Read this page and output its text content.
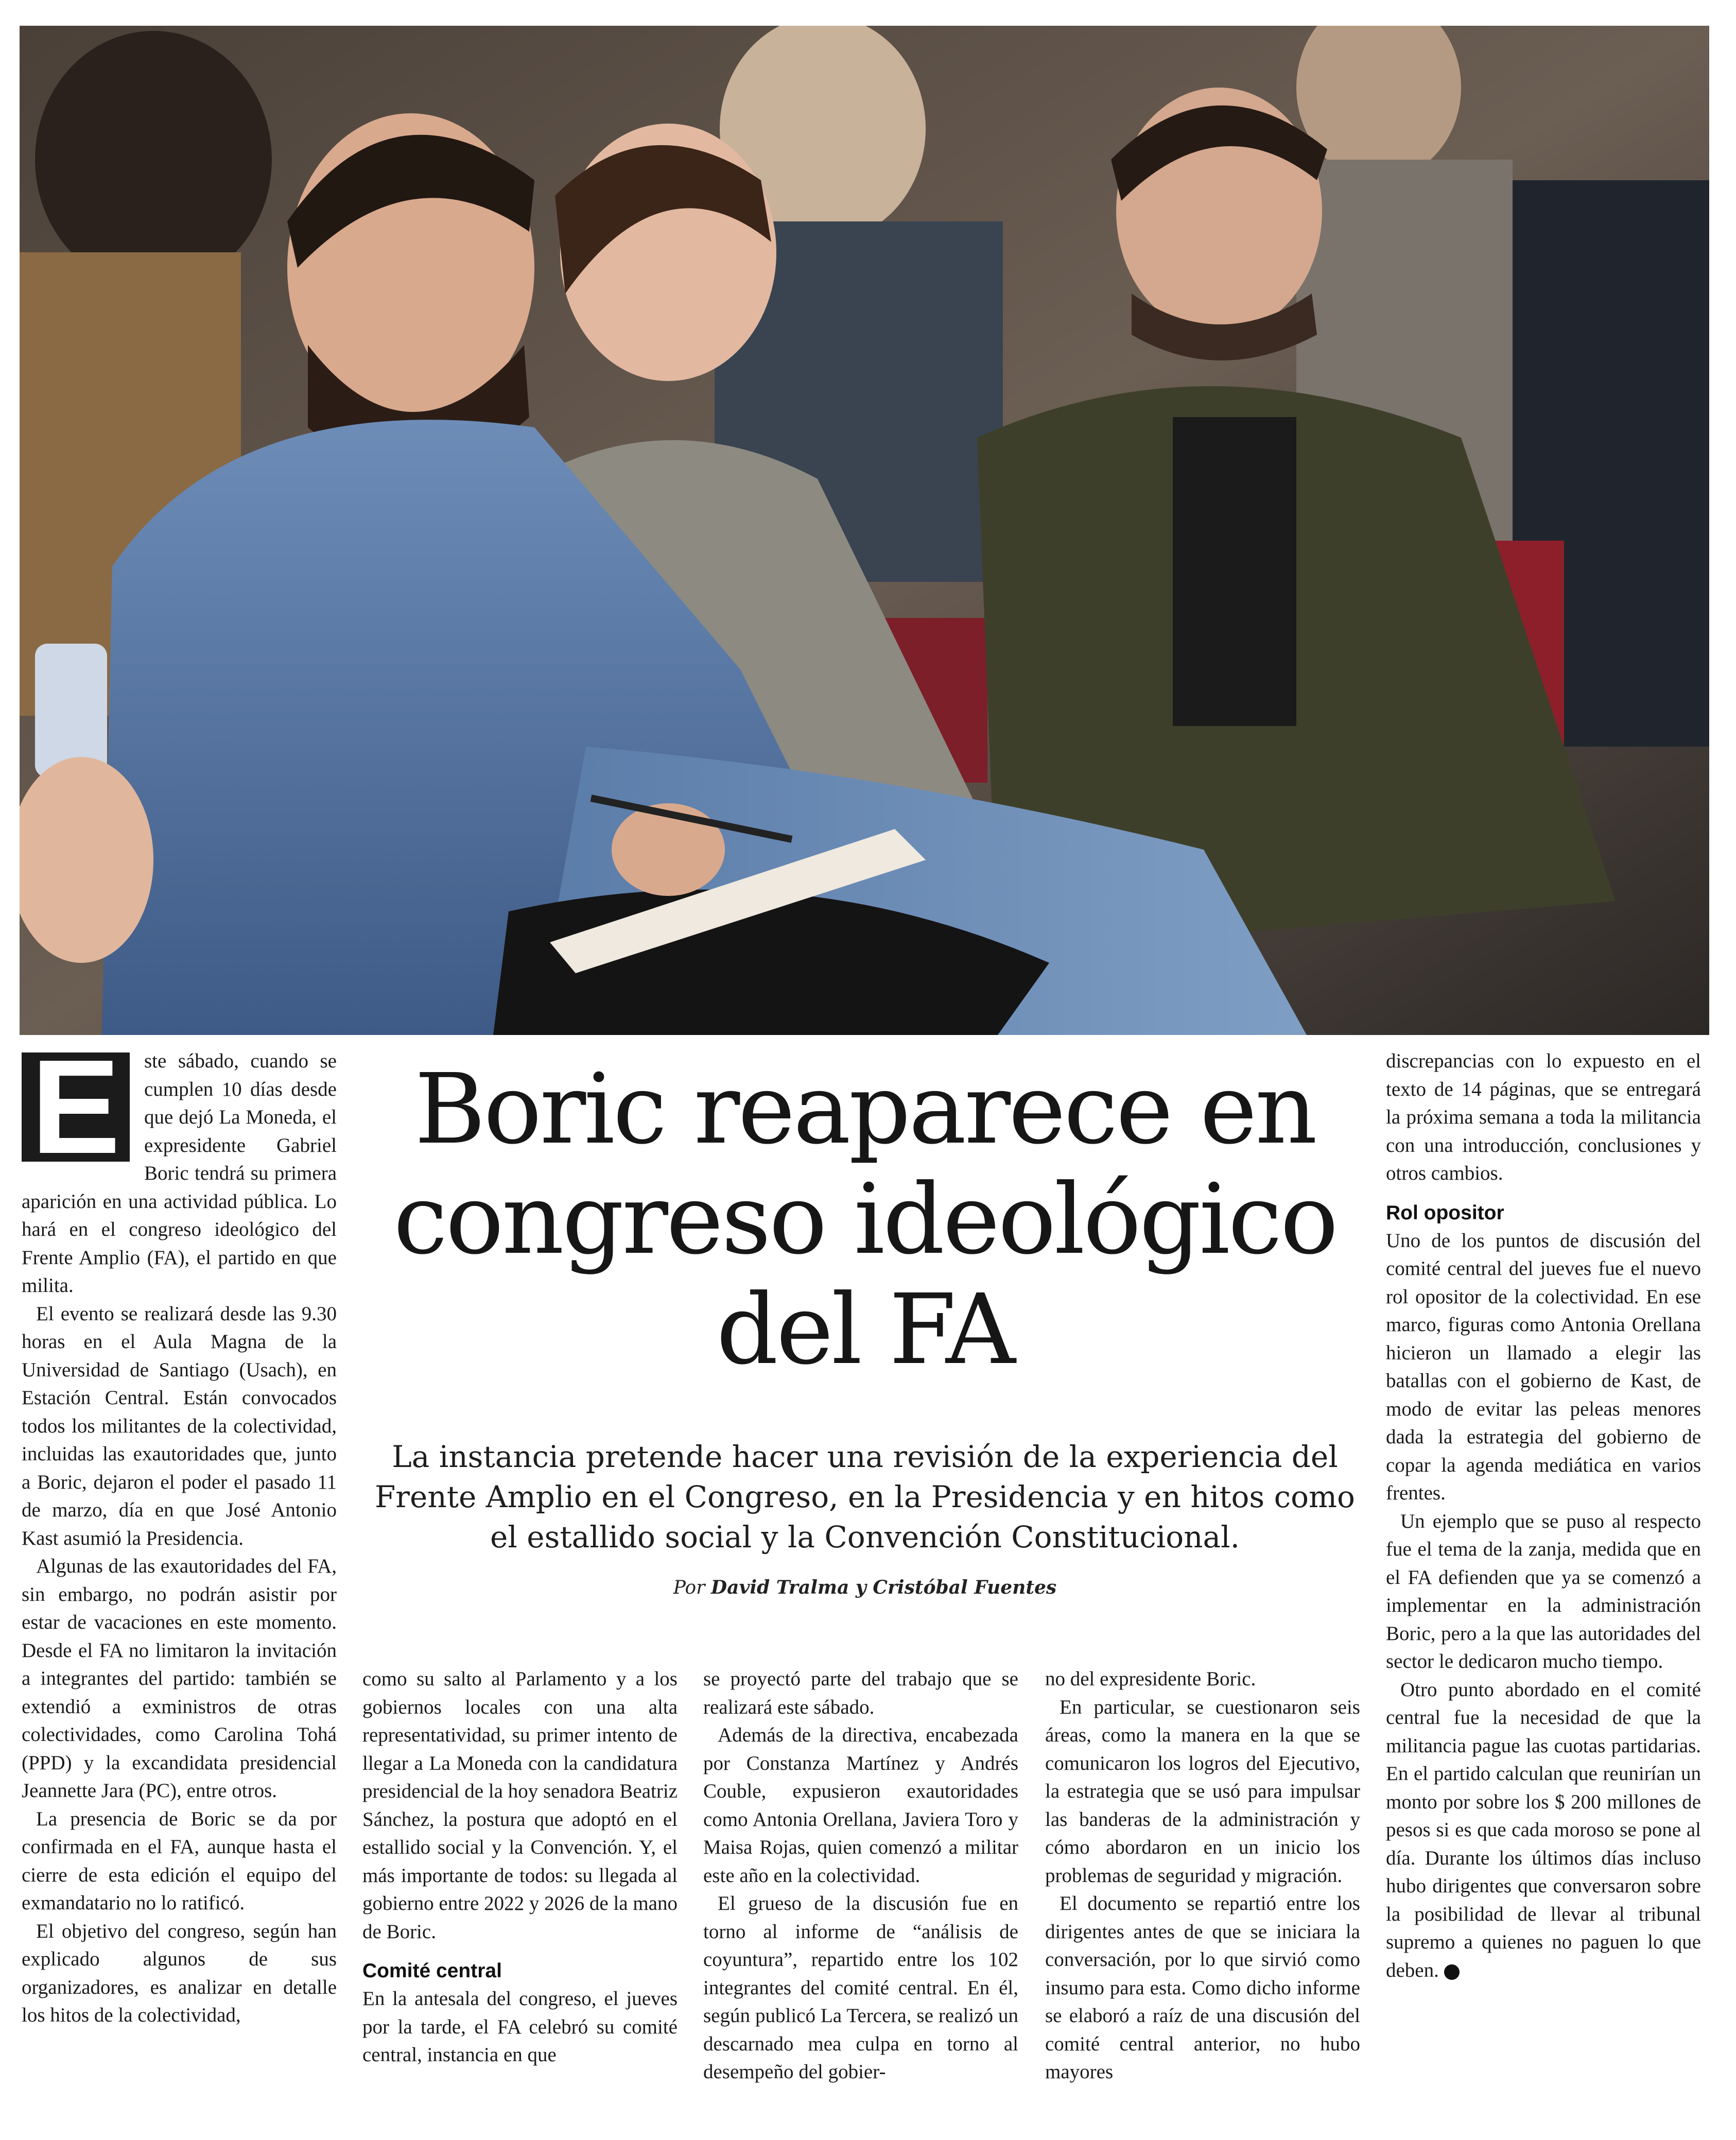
Boric reaparece en congreso ideológico del FA
La instancia pretende hacer una revisión de la experiencia del Frente Amplio en el Congreso, en la Presidencia y en hitos como el estallido social y la Convención Constitucional.
Por David Tralma y Cristóbal Fuentes
E	ste sábado, cuando se cumplen 10 días desde que dejó La Moneda, el expresidente Gabriel Boric tendrá su primera aparición en una actividad pública. Lo hará en el congreso ideológico del Frente Amplio (FA), el partido en que milita.

El evento se realizará desde las 9.30 horas en el Aula Magna de la Universidad de Santiago (Usach), en Estación Central. Están convocados todos los militantes de la colectividad, incluidas las exautoridades que, junto a Boric, dejaron el poder el pasado 11 de marzo, día en que José Antonio Kast asumió la Presidencia.

Algunas de las exautoridades del FA, sin embargo, no podrán asistir por estar de vacaciones en este momento. Desde el FA no limitaron la invitación a integrantes del partido: también se extendió a exministros de otras colectividades, como Carolina Tohá (PPD) y la excandidata presidencial Jeannette Jara (PC), entre otros.

La presencia de Boric se da por confirmada en el FA, aunque hasta el cierre de esta edición el equipo del exmandatario no lo ratificó.

El objetivo del congreso, según han explicado algunos de sus organizadores, es analizar en detalle los hitos de la colectividad,

como su salto al Parlamento y a los gobiernos locales con una alta representatividad, su primer intento de llegar a La Moneda con la candidatura presidencial de la hoy senadora Beatriz Sánchez, la postura que adoptó en el estallido social y la Convención. Y, el más importante de todos: su llegada al gobierno entre 2022 y 2026 de la mano de Boric.

Comité central

En la antesala del congreso, el jueves por la tarde, el FA celebró su comité central, instancia en que

se proyectó parte del trabajo que se realizará este sábado.

Además de la directiva, encabezada por Constanza Martínez y Andrés Couble, expusieron exautoridades como Antonia Orellana, Javiera Toro y Maisa Rojas, quien comenzó a militar este año en la colectividad.

El grueso de la discusión fue en torno al informe de “análisis de coyuntura”, repartido entre los 102 integrantes del comité central. En él, según publicó La Tercera, se realizó un descarnado mea culpa en torno al desempeño del gobier-

no del expresidente Boric.

En particular, se cuestionaron seis áreas, como la manera en la que se comunicaron los logros del Ejecutivo, la estrategia que se usó para impulsar las banderas de la administración y cómo abordaron en un inicio los problemas de seguridad y migración.

El documento se repartió entre los dirigentes antes de que se iniciara la conversación, por lo que sirvió como insumo para esta. Como dicho informe se elaboró a raíz de una discusión del comité central anterior, no hubo mayores

discrepancias con lo expuesto en el texto de 14 páginas, que se entregará la próxima semana a toda la militancia con una introducción, conclusiones y otros cambios.

Rol opositor

Uno de los puntos de discusión del comité central del jueves fue el nuevo rol opositor de la colectividad. En ese marco, figuras como Antonia Orellana hicieron un llamado a elegir las batallas con el gobierno de Kast, de modo de evitar las peleas menores dada la estrategia del gobierno de copar la agenda mediática en varios frentes.

Un ejemplo que se puso al respecto fue el tema de la zanja, medida que en el FA defienden que ya se comenzó a implementar en la administración Boric, pero a la que las autoridades del sector le dedicaron mucho tiempo.

Otro punto abordado en el comité central fue la necesidad de que la militancia pague las cuotas partidarias. En el partido calculan que reunirían un monto por sobre los $ 200 millones de pesos si es que cada moroso se pone al día. Durante los últimos días incluso hubo dirigentes que conversaron sobre la posibilidad de llevar al tribunal supremo a quienes no paguen lo que deben.
